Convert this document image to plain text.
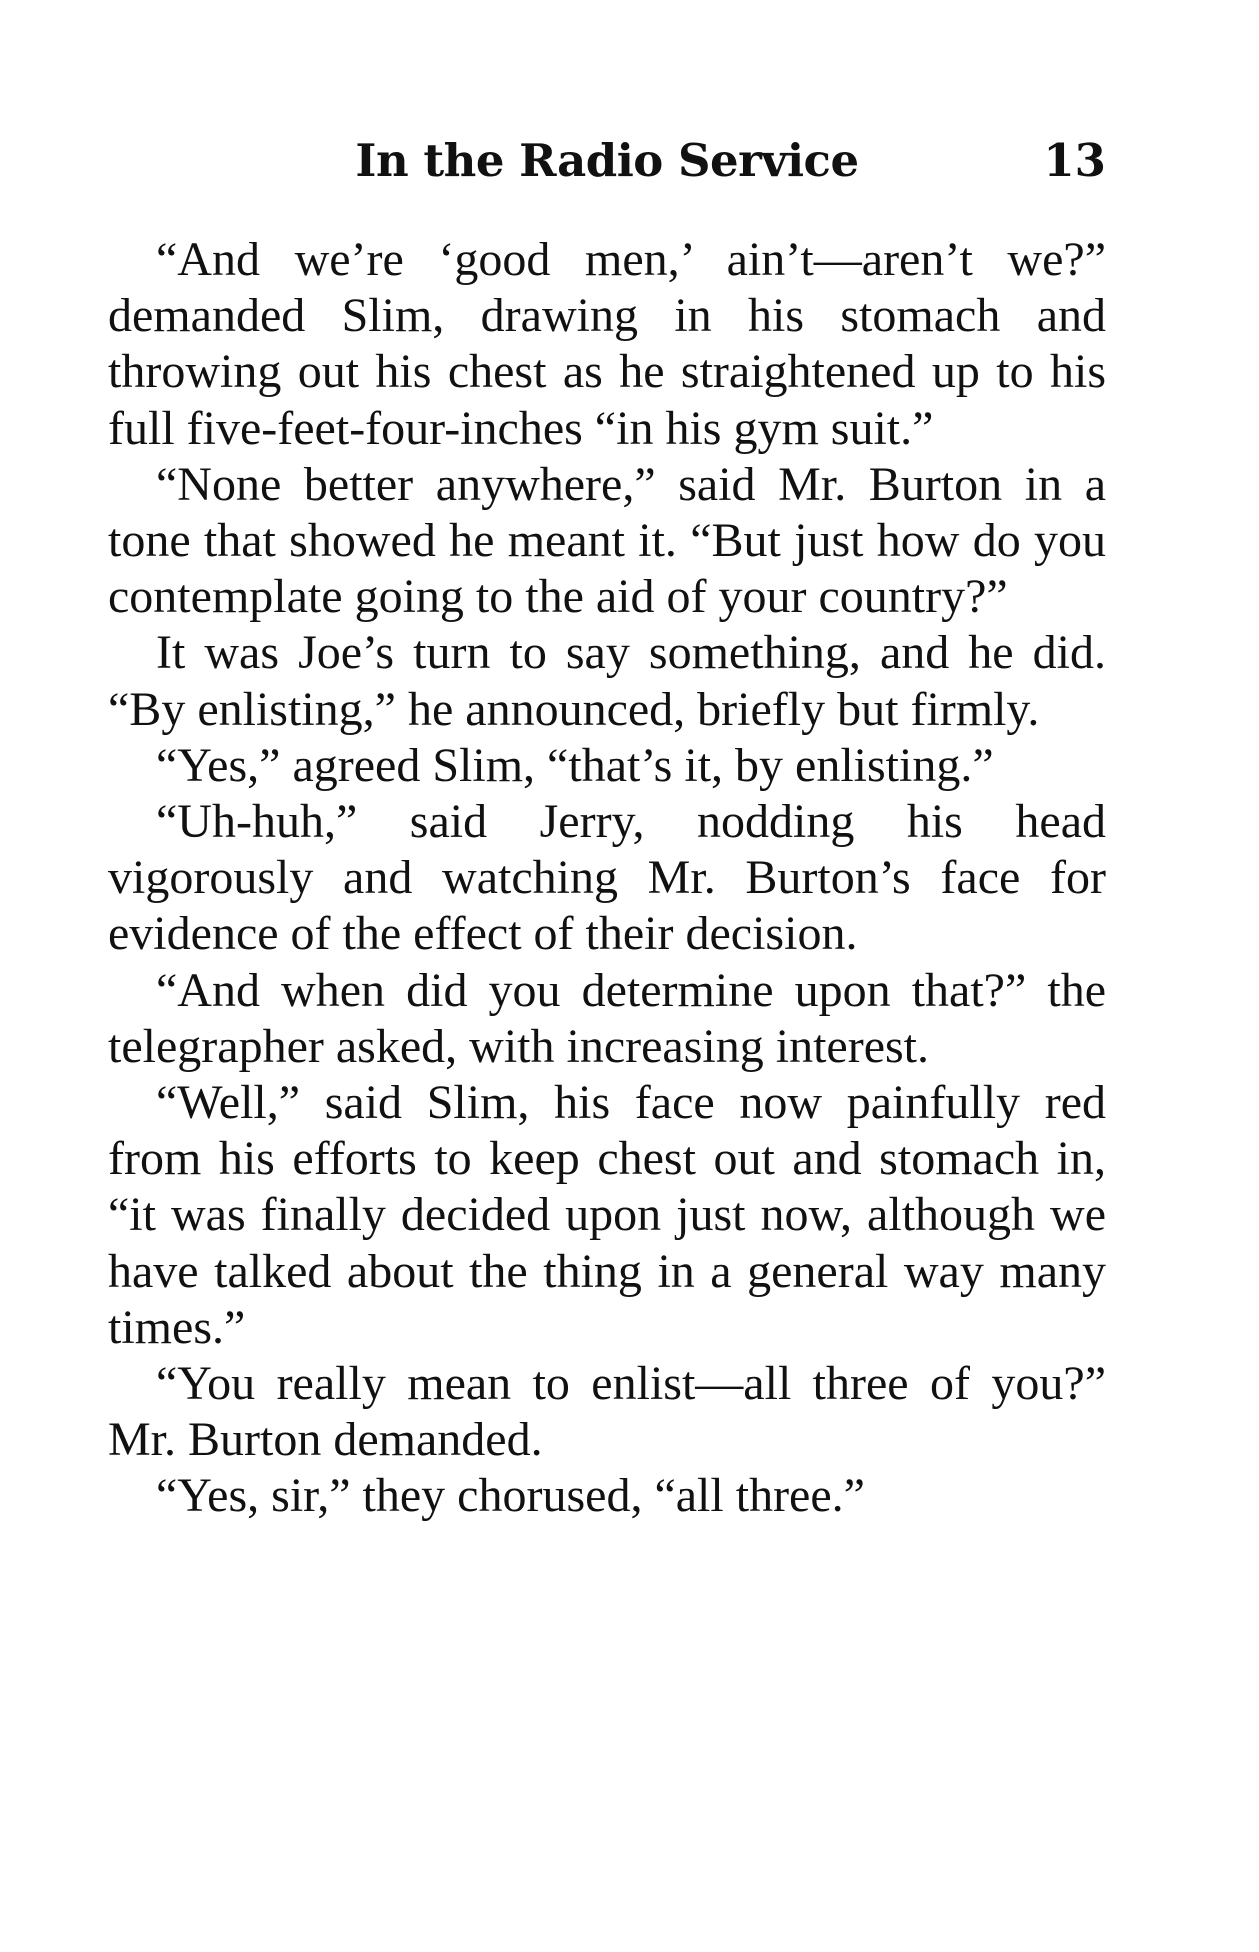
In the Radio Service	13

“And we’re ‘good men,’ ain’t—aren’t we?” demanded Slim, drawing in his stomach and throwing out his chest as he straightened up to his full five-feet-four-inches “in his gym suit.”

“None better anywhere,” said Mr. Burton in a tone that showed he meant it. “But just how do you contemplate going to the aid of your country?”

It was Joe’s turn to say something, and he did. “By enlisting,” he announced, briefly but firmly.

“Yes,” agreed Slim, “that’s it, by enlisting.”

“Uh-huh,” said Jerry, nodding his head vigorously and watching Mr. Burton’s face for evidence of the effect of their decision.

“And when did you determine upon that?” the telegrapher asked, with increasing interest.

“Well,” said Slim, his face now painfully red from his efforts to keep chest out and stomach in, “it was finally decided upon just now, although we have talked about the thing in a general way many times.”

“You really mean to enlist—all three of you?” Mr. Burton demanded.

“Yes, sir,” they chorused, “all three.”
